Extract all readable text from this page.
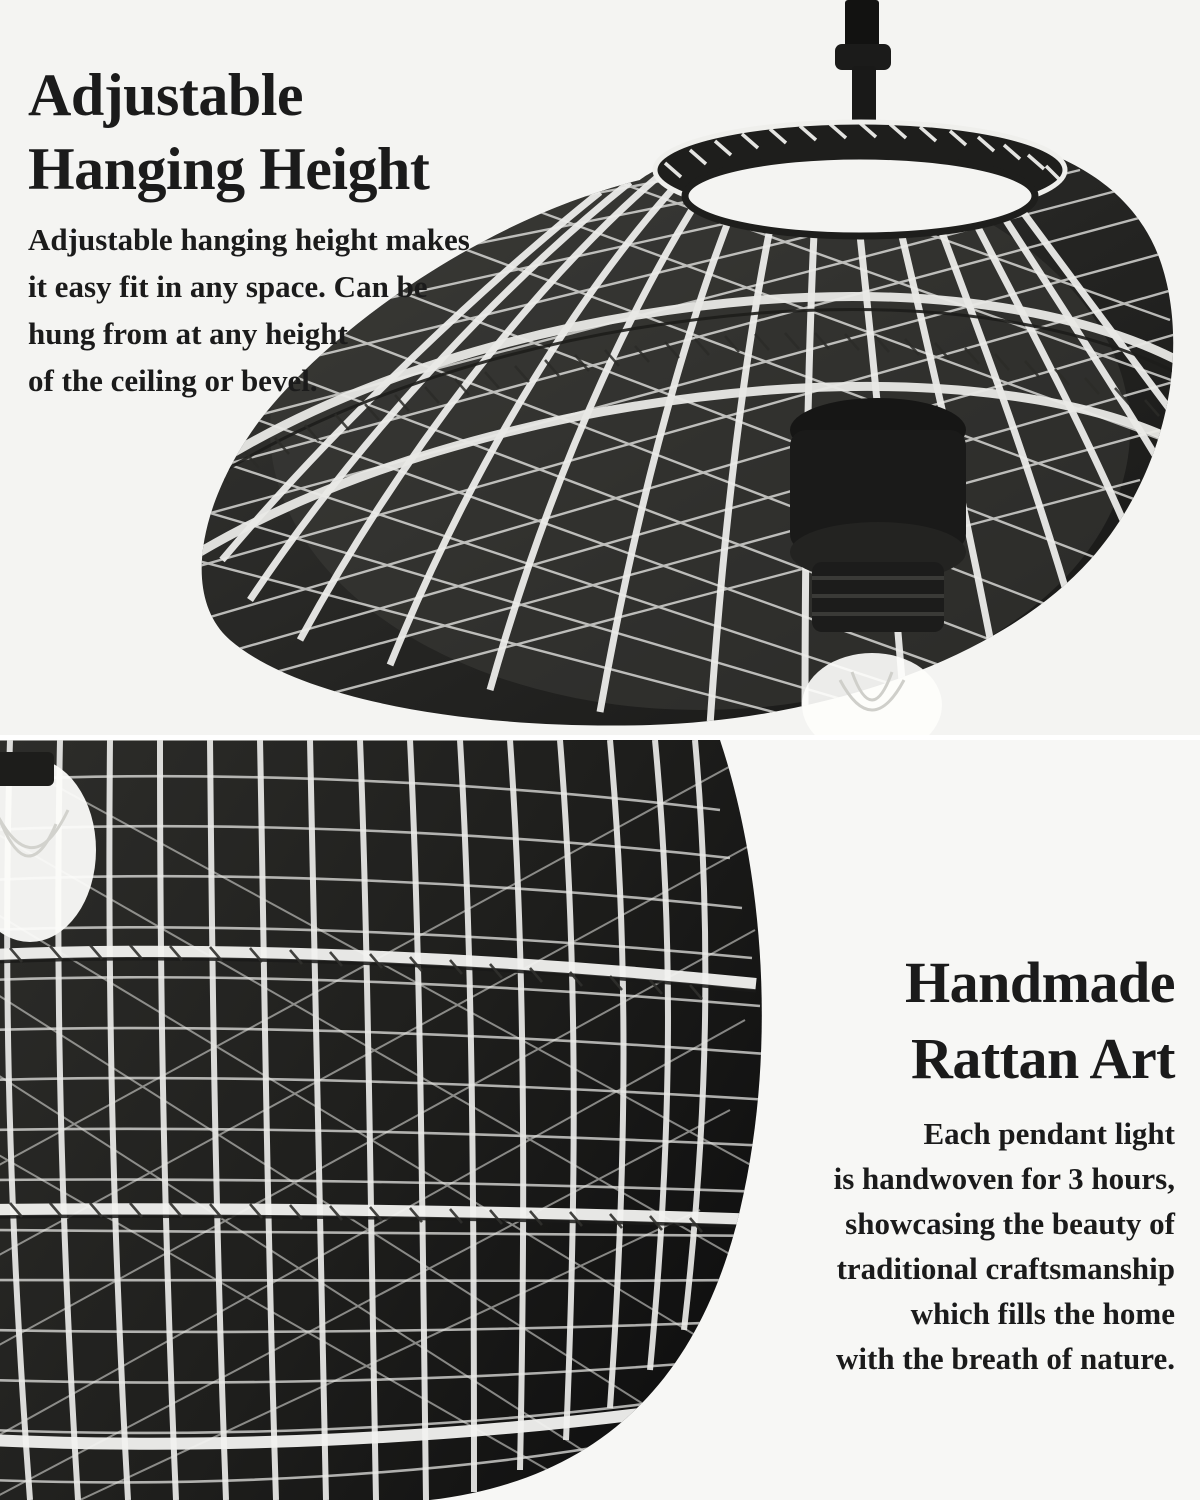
Adjustable
Hanging Height

Adjustable hanging height makes
it easy fit in any space. Can be
hung from at any height
of the ceiling or bevel.

Handmade
Rattan Art

Each pendant light
is handwoven for 3 hours,
showcasing the beauty of
traditional craftsmanship
which fills the home
with the breath of nature.
